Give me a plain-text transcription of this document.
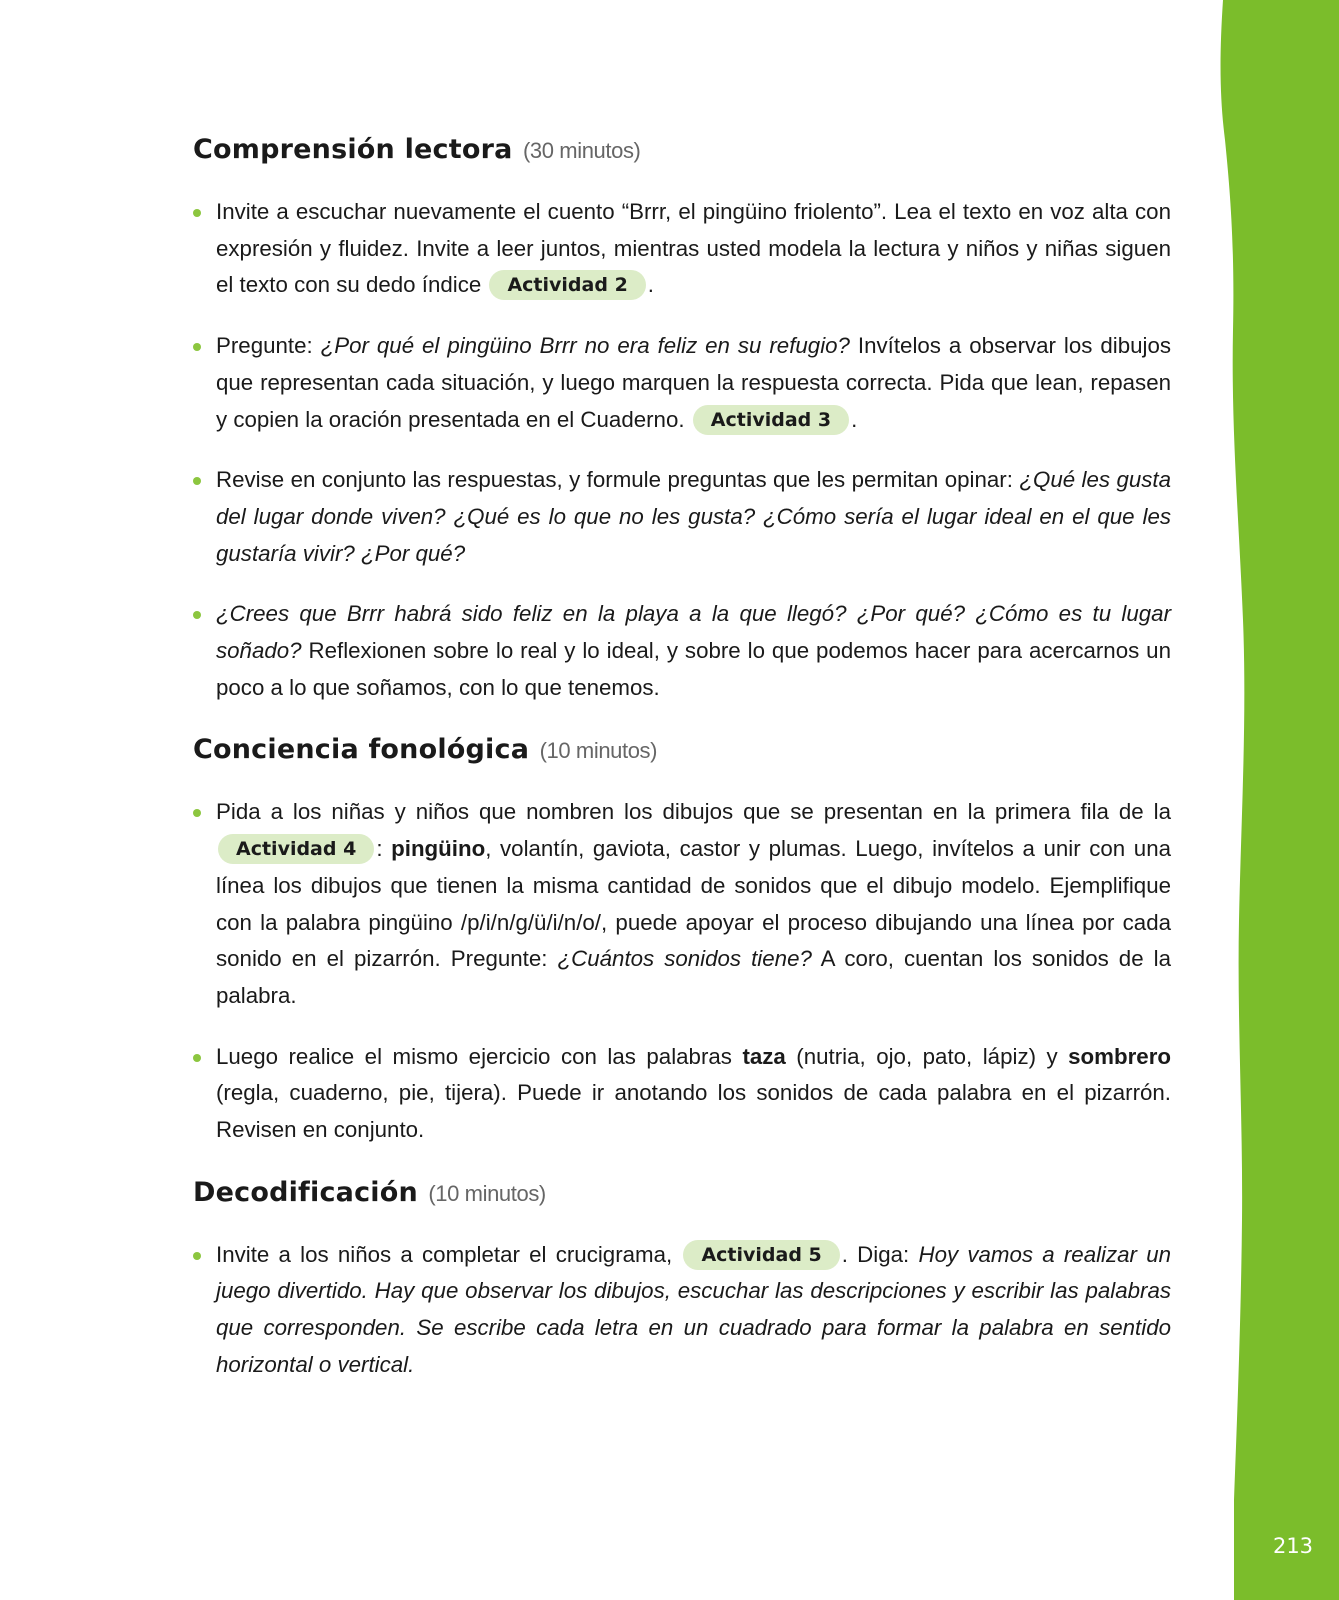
213
Comprensión lectora (30 minutos)
Invite a escuchar nuevamente el cuento “Brrr, el pingüino friolento”. Lea el texto en voz alta con expresión y fluidez. Invite a leer juntos, mientras usted modela la lectura y niños y niñas siguen el texto con su dedo índice Actividad 2 .
Pregunte: ¿Por qué el pingüino Brrr no era feliz en su refugio? Invítelos a observar los dibujos que representan cada situación, y luego marquen la respuesta correcta. Pida que lean, repasen y copien la oración presentada en el Cuaderno. Actividad 3 .
Revise en conjunto las respuestas, y formule preguntas que les permitan opinar: ¿Qué les gusta del lugar donde viven? ¿Qué es lo que no les gusta? ¿Cómo sería el lugar ideal en el que les gustaría vivir? ¿Por qué?
¿Crees que Brrr habrá sido feliz en la playa a la que llegó? ¿Por qué? ¿Cómo es tu lugar soñado? Reflexionen sobre lo real y lo ideal, y sobre lo que podemos hacer para acercarnos un poco a lo que soñamos, con lo que tenemos.
Conciencia fonológica (10 minutos)
Pida a los niñas y niños que nombren los dibujos que se presentan en la primera fila de la Actividad 4 : pingüino, volantín, gaviota, castor y plumas. Luego, invítelos a unir con una línea los dibujos que tienen la misma cantidad de sonidos que el dibujo modelo. Ejemplifique con la palabra pingüino /p/i/n/g/ü/i/n/o/, puede apoyar el proceso dibujando una línea por cada sonido en el pizarrón. Pregunte: ¿Cuántos sonidos tiene? A coro, cuentan los sonidos de la palabra.
Luego realice el mismo ejercicio con las palabras taza (nutria, ojo, pato, lápiz) y sombrero (regla, cuaderno, pie, tijera). Puede ir anotando los sonidos de cada palabra en el pizarrón. Revisen en conjunto.
Decodificación (10 minutos)
Invite a los niños a completar el crucigrama, Actividad 5 . Diga: Hoy vamos a realizar un juego divertido. Hay que observar los dibujos, escuchar las descripciones y escribir las palabras que corresponden. Se escribe cada letra en un cuadrado para formar la palabra en sentido horizontal o vertical.
